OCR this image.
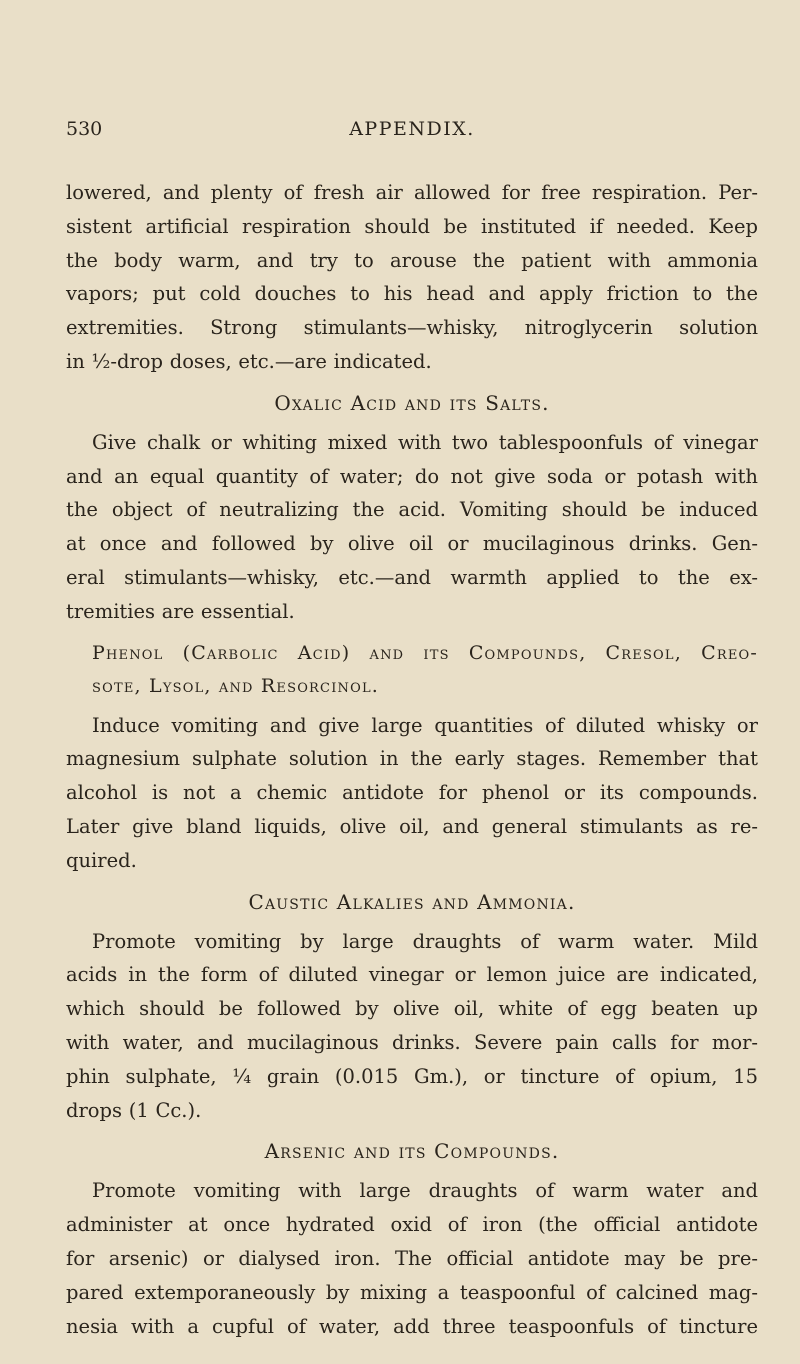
530	APPENDIX.

lowered, and plenty of fresh air allowed for free respiration. Per-
sistent artificial respiration should be instituted if needed. Keep
the body warm, and try to arouse the patient with ammonia
vapors; put cold douches to his head and apply friction to the
extremities. Strong stimulants—whisky, nitroglycerin solution
in ½-drop doses, etc.—are indicated.

Oxalic Acid and its Salts.

Give chalk or whiting mixed with two tablespoonfuls of vinegar
and an equal quantity of water; do not give soda or potash with
the object of neutralizing the acid. Vomiting should be induced
at once and followed by olive oil or mucilaginous drinks. Gen-
eral stimulants—whisky, etc.—and warmth applied to the ex-
tremities are essential.

Phenol (Carbolic Acid) and its Compounds, Cresol, Creo-
sote, Lysol, and Resorcinol.

Induce vomiting and give large quantities of diluted whisky or
magnesium sulphate solution in the early stages. Remember that
alcohol is not a chemic antidote for phenol or its compounds.
Later give bland liquids, olive oil, and general stimulants as re-
quired.

Caustic Alkalies and Ammonia.

Promote vomiting by large draughts of warm water. Mild
acids in the form of diluted vinegar or lemon juice are indicated,
which should be followed by olive oil, white of egg beaten up
with water, and mucilaginous drinks. Severe pain calls for mor-
phin sulphate, ¼ grain (0.015 Gm.), or tincture of opium, 15
drops (1 Cc.).

Arsenic and its Compounds.

Promote vomiting with large draughts of warm water and
administer at once hydrated oxid of iron (the official antidote
for arsenic) or dialysed iron. The official antidote may be pre-
pared extemporaneously by mixing a teaspoonful of calcined mag-
nesia with a cupful of water, add three teaspoonfuls of tincture
